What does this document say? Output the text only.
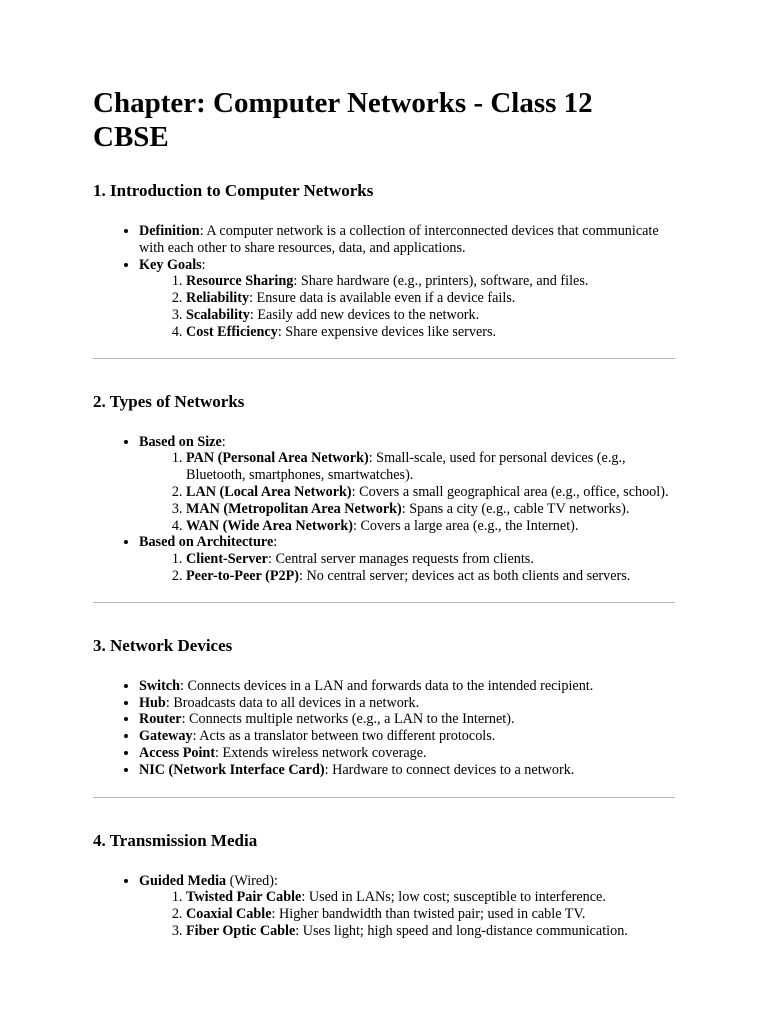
Chapter: Computer Networks - Class 12 CBSE
1. Introduction to Computer Networks
• Definition: A computer network is a collection of interconnected devices that communicate with each other to share resources, data, and applications.
• Key Goals:
1. Resource Sharing: Share hardware (e.g., printers), software, and files.
2. Reliability: Ensure data is available even if a device fails.
3. Scalability: Easily add new devices to the network.
4. Cost Efficiency: Share expensive devices like servers.
2. Types of Networks
• Based on Size:
1. PAN (Personal Area Network): Small-scale, used for personal devices (e.g., Bluetooth, smartphones, smartwatches).
2. LAN (Local Area Network): Covers a small geographical area (e.g., office, school).
3. MAN (Metropolitan Area Network): Spans a city (e.g., cable TV networks).
4. WAN (Wide Area Network): Covers a large area (e.g., the Internet).
• Based on Architecture:
1. Client-Server: Central server manages requests from clients.
2. Peer-to-Peer (P2P): No central server; devices act as both clients and servers.
3. Network Devices
• Switch: Connects devices in a LAN and forwards data to the intended recipient.
• Hub: Broadcasts data to all devices in a network.
• Router: Connects multiple networks (e.g., a LAN to the Internet).
• Gateway: Acts as a translator between two different protocols.
• Access Point: Extends wireless network coverage.
• NIC (Network Interface Card): Hardware to connect devices to a network.
4. Transmission Media
• Guided Media (Wired):
1. Twisted Pair Cable: Used in LANs; low cost; susceptible to interference.
2. Coaxial Cable: Higher bandwidth than twisted pair; used in cable TV.
3. Fiber Optic Cable: Uses light; high speed and long-distance communication.
